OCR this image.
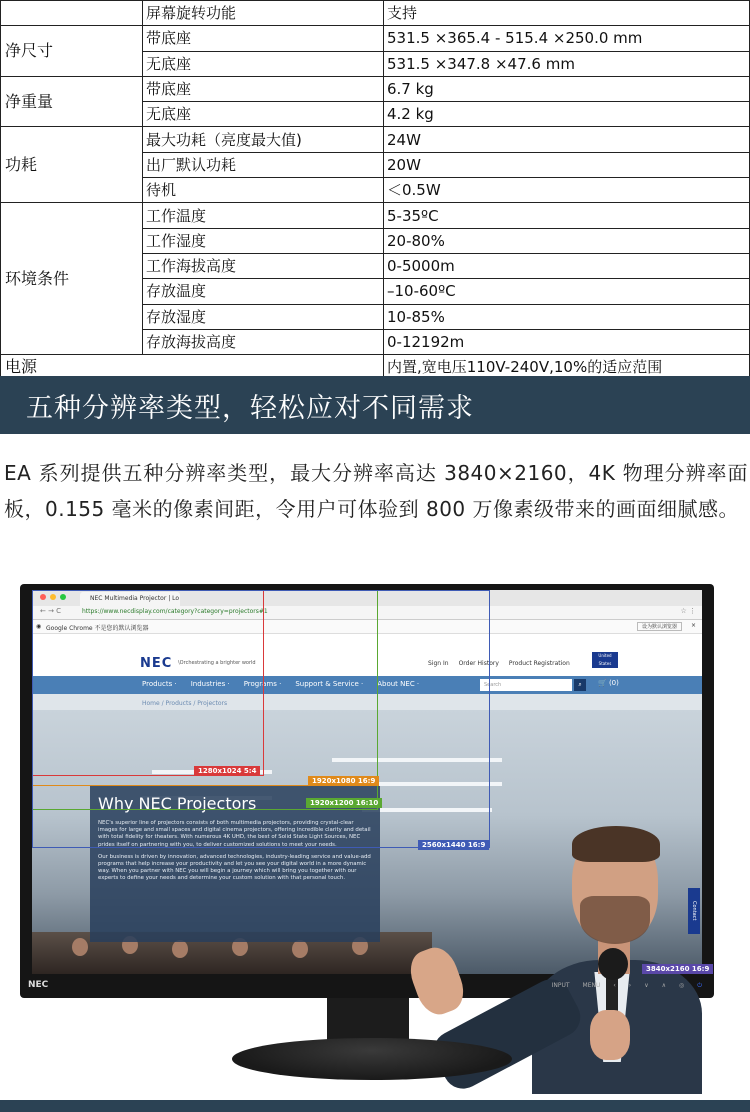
	屏幕旋转功能	支持
净尺寸	带底座	531.5 ×365.4 - 515.4 ×250.0 mm
	无底座	531.5 ×347.8 ×47.6 mm
净重量	带底座	6.7 kg
	无底座	4.2 kg
功耗	最大功耗（亮度最大值)	24W
	出厂默认功耗	20W
	待机	＜0.5W
环境条件	工作温度	5-35ºC
	工作湿度	20-80%
	工作海拔高度	0-5000m
	存放温度	–10-60ºC
	存放湿度	10-85%
	存放海拔高度	0-12192m
电源		内置,宽电压110V-240V,10%的适应范围
五种分辨率类型，轻松应对不同需求

EA 系列提供五种分辨率类型，最大分辨率高达 3840×2160，4K 物理分辨率面板，0.155 毫米的像素间距，令用户可体验到 800 万像素级带来的画面细腻感。

NEC Multimedia Projector | Lo
← → C	https://www.necdisplay.com/category?category=projectors#1	☆ ⋮
◉ Google Chrome 不是您的默认浏览器	设为默认浏览器	×
NEC \Orchestrating a brighter world	Sign In Order History Product Registration
United States
Products · Industries · Programs · Support & Service · About NEC ·	Search	⌕	🛒 (0)
Home / Products / Projectors
Why NEC Projectors

NEC's superior line of projectors consists of both multimedia projectors, providing crystal-clear images for large and small spaces and digital cinema projectors, offering incredible clarity and detail with total fidelity for theaters. With numerous 4K UHD, the best of Solid State Light Sources, NEC prides itself on partnering with you, to deliver customized solutions to meet your needs.

Our business is driven by innovation, advanced technologies, industry-leading service and value-add programs that help increase your productivity and let you see your digital world in a more dynamic way. When you partner with NEC you will begin a journey which will bring you together with our experts to define your needs and determine your custom solution with that personal touch.

1280x1024 5:4
1920x1080 16:9
1920x1200 16:10
2560x1440 16:9
3840x2160 16:9
Contact
NEC	INPUT MENU ‹ › ∨ ∧ ◎ ⏻
